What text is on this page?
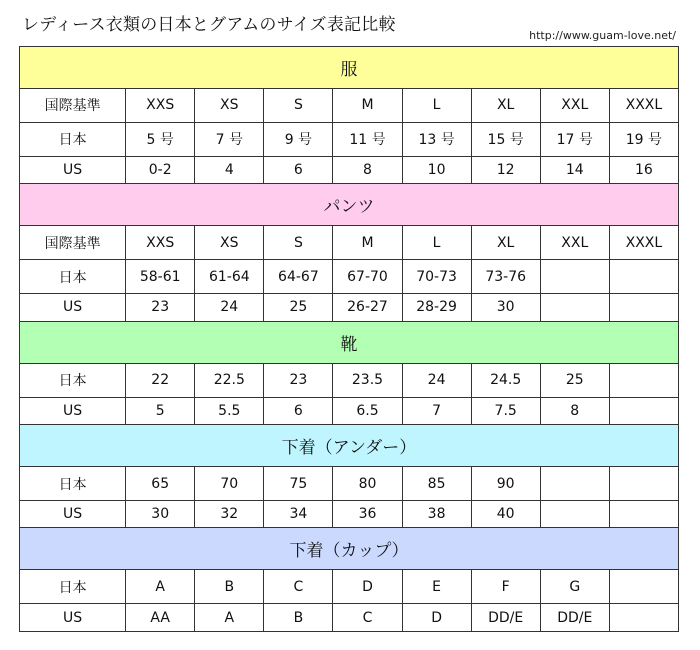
レディース衣類の日本とグアムのサイズ表記比較
http://www.guam-love.net/
服								
国際基準	XXS	XS	S	M	L	XL	XXL	XXXL
日本	5 号	7 号	9 号	11 号	13 号	15 号	17 号	19 号
US	0-2	4	6	8	10	12	14	16
パンツ								
国際基準	XXS	XS	S	M	L	XL	XXL	XXXL
日本	58-61	61-64	64-67	67-70	70-73	73-76		
US	23	24	25	26-27	28-29	30		
靴								
日本	22	22.5	23	23.5	24	24.5	25	
US	5	5.5	6	6.5	7	7.5	8	
下着（アンダー）								
日本	65	70	75	80	85	90		
US	30	32	34	36	38	40		
下着（カップ）								
日本	A	B	C	D	E	F	G	
US	AA	A	B	C	D	DD/E	DD/E	
